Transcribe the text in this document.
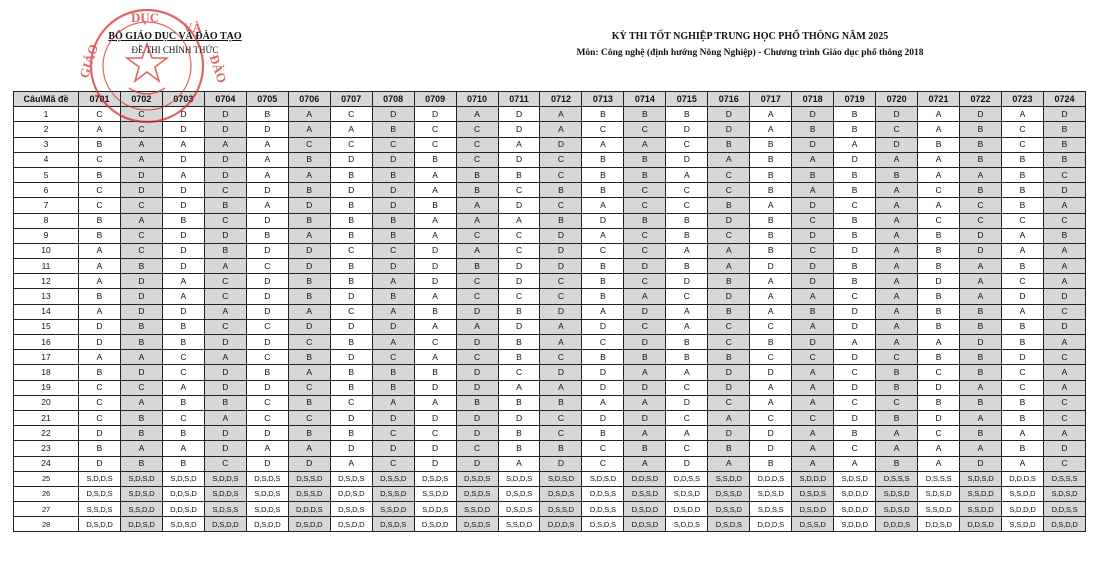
BỘ GIÁO DỤC VÀ ĐÀO TẠO
ĐỀ THI CHÍNH THỨC
KỲ THI TỐT NGHIỆP TRUNG HỌC PHỔ THÔNG NĂM 2025
Môn: Công nghệ (định hướng Nông Nghiệp) - Chương trình Giáo dục phổ thông 2018
Câu\Mã đề	0701	0702	0703	0704	0705	0706	0707	0708	0709	0710	0711	0712	0713	0714	0715	0716	0717	0718	0719	0720	0721	0722	0723	0724
1	C	C	D	D	B	A	C	D	D	A	D	A	B	B	B	D	A	D	B	D	A	D	A	D
2	A	C	D	D	D	A	A	B	C	C	D	A	C	C	D	D	A	B	B	C	A	B	C	B
3	B	A	A	A	A	C	C	C	C	C	A	D	A	A	C	B	B	D	A	D	B	B	C	B
4	C	A	D	D	A	B	D	D	B	C	D	C	B	B	D	A	B	A	D	A	A	B	B	B
5	B	D	A	D	A	A	B	B	A	B	B	C	B	B	A	C	B	B	B	B	A	A	B	C
6	C	D	D	C	D	B	D	D	A	B	C	B	B	C	C	C	B	A	B	A	C	B	B	D
7	C	C	D	B	A	D	B	D	B	A	D	C	A	C	C	B	A	D	C	A	A	C	B	A
8	B	A	B	C	D	B	B	B	A	A	A	B	D	B	B	D	B	C	B	A	C	C	C	C
9	B	C	D	D	B	A	B	B	A	C	C	D	A	C	B	C	B	D	B	A	B	D	A	B
10	A	C	D	B	D	D	C	C	D	A	C	D	C	C	A	A	B	C	D	A	B	D	A	A
11	A	B	D	A	C	D	B	D	D	B	D	D	B	D	B	A	D	D	B	A	B	A	B	A
12	A	D	A	C	D	B	B	A	D	C	D	C	B	C	D	B	A	D	B	A	D	A	C	A
13	B	D	A	C	D	B	D	B	A	C	C	C	B	A	C	D	A	A	C	A	B	A	D	D
14	A	D	D	A	D	A	C	A	B	D	B	D	A	D	A	B	A	B	D	A	B	B	A	C
15	D	B	B	C	C	D	D	D	A	A	D	A	D	C	A	C	C	A	D	A	B	B	B	D
16	D	B	B	D	D	C	B	A	C	D	B	A	C	D	B	C	B	D	A	A	A	D	B	A
17	A	A	C	A	C	B	D	C	A	C	B	C	B	B	B	B	C	C	D	C	B	B	D	C
18	B	D	C	D	B	A	B	B	B	D	C	D	D	A	A	D	D	A	C	B	C	B	C	A
19	C	C	A	D	D	C	B	B	D	D	A	A	D	D	C	D	A	A	D	B	D	A	C	A
20	C	A	B	B	C	B	C	A	A	B	B	B	A	A	D	C	A	A	C	C	B	B	B	C
21	C	B	C	A	C	C	D	D	D	D	D	C	D	D	C	A	C	C	D	B	D	A	B	C
22	D	B	B	D	D	B	B	C	C	D	B	C	B	A	A	D	D	A	B	A	C	B	A	A
23	B	A	A	D	A	A	D	D	D	C	B	B	C	B	C	B	D	A	C	A	A	A	B	D
24	D	B	B	C	D	D	A	C	D	D	A	D	C	A	D	A	B	A	A	B	A	D	A	C
25	S,D,D,S	S,D,S,D	S,D,S,D	S,D,D,S	D,S,D,S	D,S,S,D	D,S,D,S	D,S,S,D	D,S,D,S	D,S,D,S	S,D,D,S	S,D,S,D	S,D,S,D	D,D,S,D	D,D,S,S	S,S,D,D	D,D,D,S	S,D,D,D	S,D,S,D	D,S,S,S	D,S,S,S	S,D,S,D	D,D,D,S	D,S,S,S
26	D,S,D,S	S,D,S,D	D,D,S,D	S,D,D,S	S,D,D,S	D,S,S,D	D,D,S,D	D,S,S,D	S,S,D,D	D,S,D,S	D,S,D,S	D,S,D,S	D,D,S,S	D,S,S,D	S,D,S,D	D,S,S,D	S,D,S,D	D,S,D,S	S,D,D,D	S,D,S,D	S,D,S,D	S,S,D,D	S,S,D,D	S,D,S,D
27	S,S,D,S	S,S,D,D	D,D,S,D	S,D,S,S	S,D,D,S	D,D,D,S	D,S,D,S	S,S,D,D	S,D,D,S	S,S,D,D	D,S,D,S	D,S,S,D	D,D,S,S	D,S,D,D	D,S,D,D	D,S,S,D	S,D,S,S	D,S,D,D	S,D,D,D	S,D,S,D	S,S,D,D	S,S,D,D	S,D,D,D	D,D,S,S
28	D,S,D,D	D,D,S,D	S,D,S,D	D,S,D,D	D,S,D,D	D,S,D,D	D,S,D,D	D,S,D,S	D,S,D,D	D,S,D,S	S,S,D,D	D,D,D,S	D,S,D,S	D,D,S,D	S,D,D,S	D,S,D,S	D,D,D,S	D,S,S,D	S,D,D,D	D,D,D,S	D,D,S,D	D,D,S,D	S,S,D,D	D,S,D,D
DỤC
VÀ
GIÁO	ĐÀO
